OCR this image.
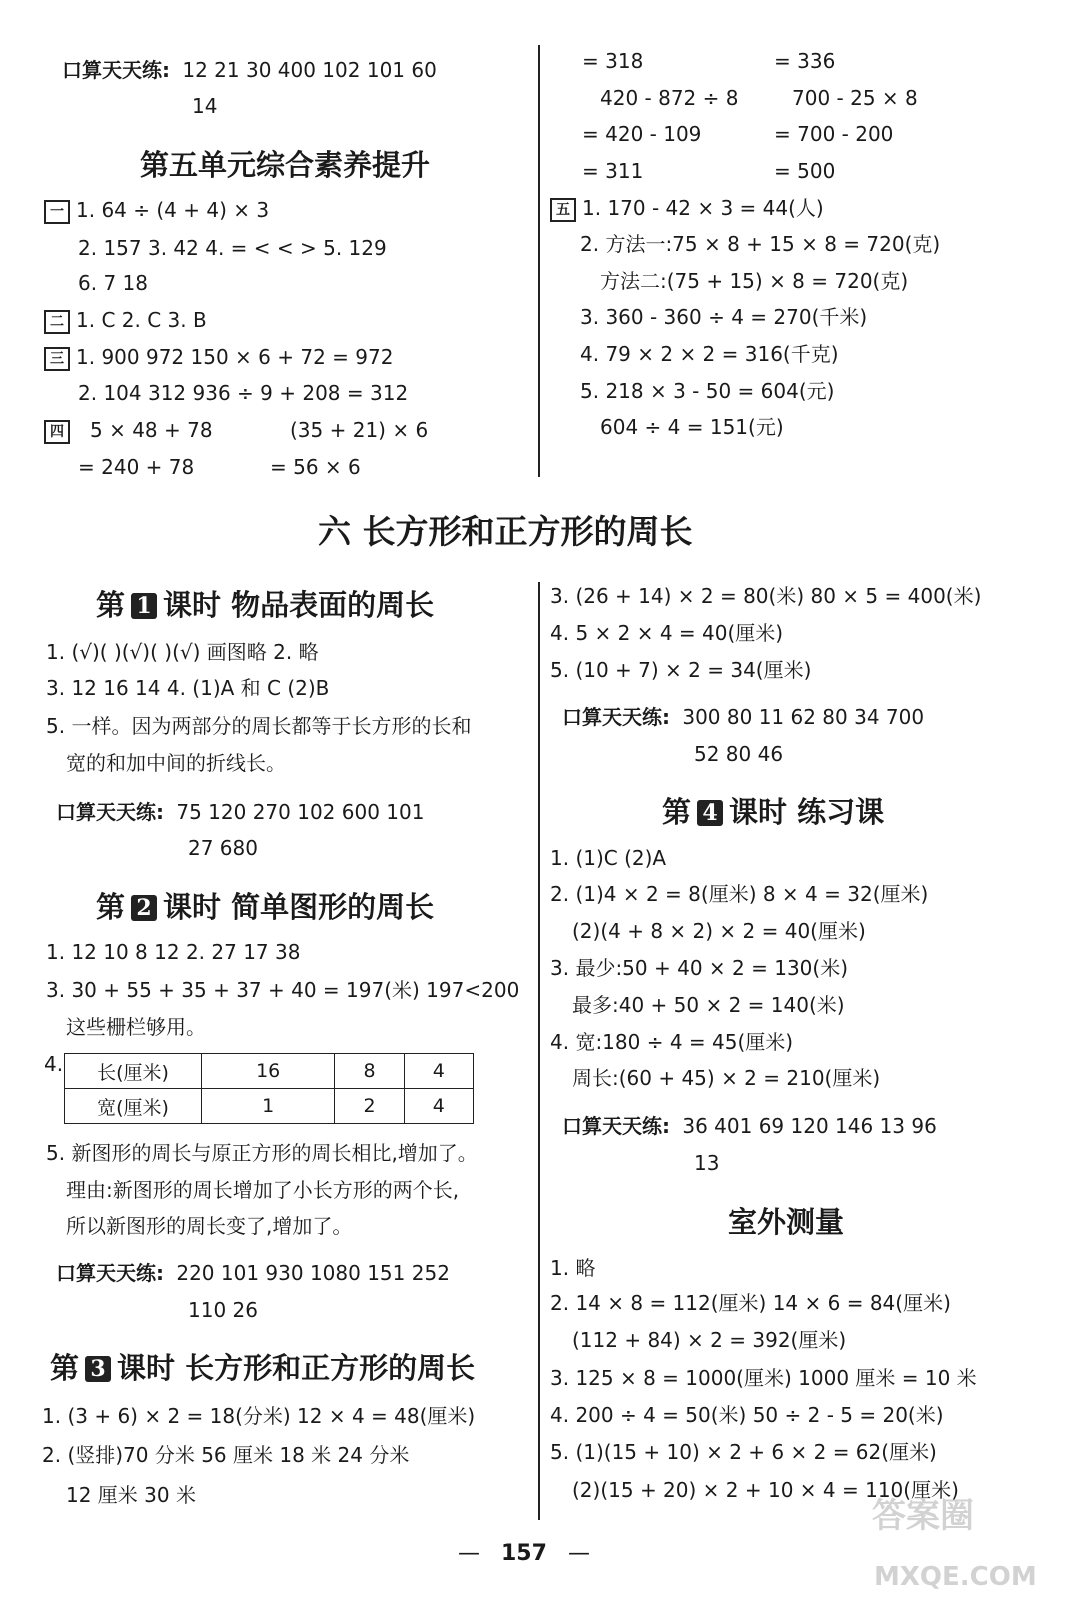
口算天天练: 12 21 30 400 102 101 60
14
第五单元综合素养提升
一 1. 64 ÷ (4 + 4) × 3
2. 157 3. 42 4. = < < > 5. 129
6. 7 18
二 1. C 2. C 3. B
三 1. 900 972 150 × 6 + 72 = 972
2. 104 312 936 ÷ 9 + 208 = 312
四 5 × 48 + 78	(35 + 21) × 6
= 240 + 78	= 56 × 6
= 318	= 336
420 - 872 ÷ 8	700 - 25 × 8
= 420 - 109	= 700 - 200
= 311	= 500
五 1. 170 - 42 × 3 = 44(人)
2. 方法一:75 × 8 + 15 × 8 = 720(克)
方法二:(75 + 15) × 8 = 720(克)
3. 360 - 360 ÷ 4 = 270(千米)
4. 79 × 2 × 2 = 316(千克)
5. 218 × 3 - 50 = 604(元)
604 ÷ 4 = 151(元)
六 长方形和正方形的周长
第 1 课时 物品表面的周长
1. (√)( )(√)( )(√) 画图略 2. 略
3. 12 16 14 4. (1)A 和 C (2)B
5. 一样。因为两部分的周长都等于长方形的长和
宽的和加中间的折线长。
口算天天练: 75 120 270 102 600 101
27 680
第 2 课时 简单图形的周长
1. 12 10 8 12 2. 27 17 38
3. 30 + 55 + 35 + 37 + 40 = 197(米) 197<200
这些栅栏够用。
4. 长(厘米)	16	8	4
宽(厘米)	1	2	4
5. 新图形的周长与原正方形的周长相比,增加了。
理由:新图形的周长增加了小长方形的两个长,
所以新图形的周长变了,增加了。
口算天天练: 220 101 930 1080 151 252
110 26
第 3 课时 长方形和正方形的周长
1. (3 + 6) × 2 = 18(分米) 12 × 4 = 48(厘米)
2. (竖排)70 分米 56 厘米 18 米 24 分米
12 厘米 30 米
3. (26 + 14) × 2 = 80(米) 80 × 5 = 400(米)
4. 5 × 2 × 4 = 40(厘米)
5. (10 + 7) × 2 = 34(厘米)
口算天天练: 300 80 11 62 80 34 700
52 80 46
第 4 课时 练习课
1. (1)C (2)A
2. (1)4 × 2 = 8(厘米) 8 × 4 = 32(厘米)
(2)(4 + 8 × 2) × 2 = 40(厘米)
3. 最少:50 + 40 × 2 = 130(米)
最多:40 + 50 × 2 = 140(米)
4. 宽:180 ÷ 4 = 45(厘米)
周长:(60 + 45) × 2 = 210(厘米)
口算天天练: 36 401 69 120 146 13 96
13
室外测量
1. 略
2. 14 × 8 = 112(厘米) 14 × 6 = 84(厘米)
(112 + 84) × 2 = 392(厘米)
3. 125 × 8 = 1000(厘米) 1000 厘米 = 10 米
4. 200 ÷ 4 = 50(米) 50 ÷ 2 - 5 = 20(米)
5. (1)(15 + 10) × 2 + 6 × 2 = 62(厘米)
(2)(15 + 20) × 2 + 10 × 4 = 110(厘米)
— 157 —
答案圈
MXQE.COM
